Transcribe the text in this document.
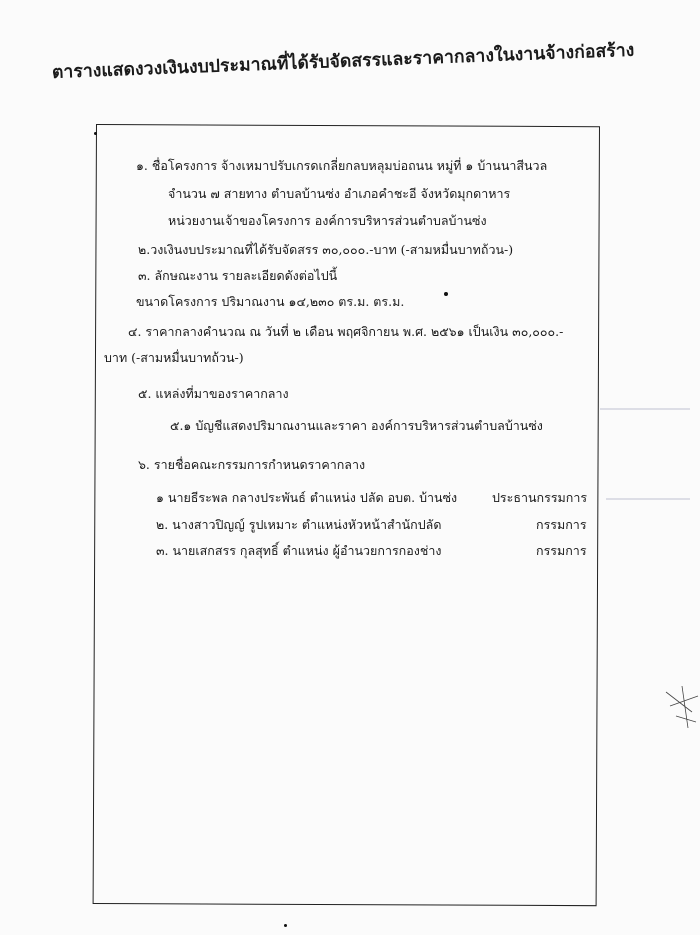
ตารางแสดงวงเงินงบประมาณที่ได้รับจัดสรรและราคากลางในงานจ้างก่อสร้าง
๑. ชื่อโครงการ จ้างเหมาปรับเกรดเกลี่ยกลบหลุมบ่อถนน หมู่ที่ ๑ บ้านนาสีนวล
จำนวน ๗ สายทาง ตำบลบ้านซ่ง อำเภอคำชะอี จังหวัดมุกดาหาร
หน่วยงานเจ้าของโครงการ องค์การบริหารส่วนตำบลบ้านซ่ง
๒.วงเงินงบประมาณที่ได้รับจัดสรร ๓๐,๐๐๐.-บาท (-สามหมื่นบาทถ้วน-)
๓. ลักษณะงาน รายละเอียดดังต่อไปนี้
ขนาดโครงการ ปริมาณงาน ๑๔,๒๓๐ ตร.ม. ตร.ม.
๔. ราคากลางคำนวณ ณ วันที่ ๒ เดือน พฤศจิกายน พ.ศ. ๒๕๖๑ เป็นเงิน ๓๐,๐๐๐.-
บาท (-สามหมื่นบาทถ้วน-)
๕. แหล่งที่มาของราคากลาง
๕.๑ บัญชีแสดงปริมาณงานและราคา องค์การบริหารส่วนตำบลบ้านซ่ง
๖. รายชื่อคณะกรรมการกำหนดราคากลาง
๑ นายธีระพล กลางประพันธ์ ตำแหน่ง ปลัด อบต. บ้านซ่ง	ประธานกรรมการ
๒. นางสาวปิญญ์ รูปเหมาะ ตำแหน่งหัวหน้าสำนักปลัด	กรรมการ
๓. นายเสกสรร กุลสุทธิ์ ตำแหน่ง ผู้อำนวยการกองช่าง	กรรมการ
